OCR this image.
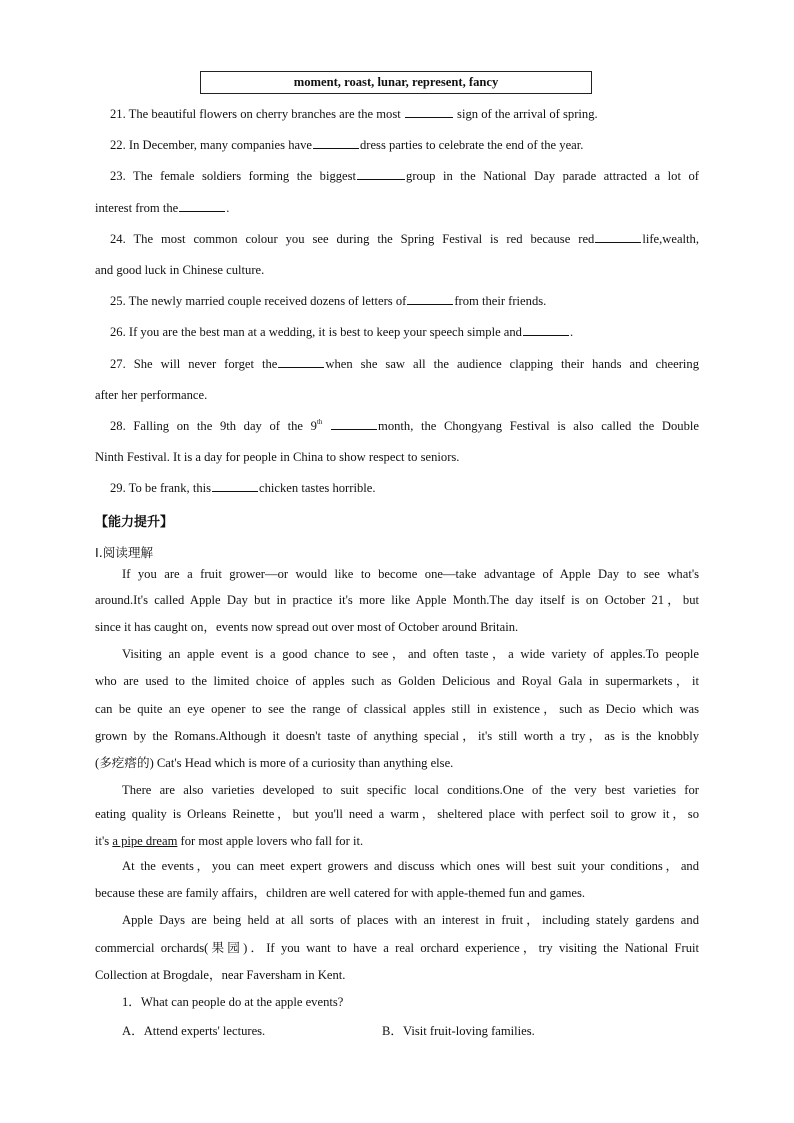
moment, roast, lunar, represent, fancy
21. The beautiful flowers on cherry branches are the most	sign of the arrival of spring.
22. In December, many companies have	dress parties to celebrate the end of the year.
23. The female soldiers forming the biggest	group in the National Day parade attracted a lot of
interest from the	.
24. The most common colour you see during the Spring Festival is red because red	life,wealth,
and good luck in Chinese culture.
25. The newly married couple received dozens of letters of	from their friends.
26. If you are the best man at a wedding, it is best to keep your speech simple and	.
27. She will never forget the	when she saw all the audience clapping their hands and cheering
after her performance.
28. Falling on the 9th day of the 9th	month, the Chongyang Festival is also called the Double
Ninth Festival. It is a day for people in China to show respect to seniors.
29. To be frank, this	chicken tastes horrible.
【能力提升】
Ⅰ.阅读理解
If you are a fruit grower—or would like to become one—take advantage of Apple Day to see what's
around.It's called Apple Day but in practice it's more like Apple Month.The day itself is on October 21，but
since it has caught on，events now spread out over most of October around Britain.
Visiting an apple event is a good chance to see，and often taste，a wide variety of apples.To people
who are used to the limited choice of apples such as Golden Delicious and Royal Gala in supermarkets，it
can be quite an eye opener to see the range of classical apples still in existence，such as Decio which was
grown by the Romans.Although it doesn't taste of anything special，it's still worth a try，as is the knobbly
(多疙瘩的) Cat's Head which is more of a curiosity than anything else.
There are also varieties developed to suit specific local conditions.One of the very best varieties for
eating quality is Orleans Reinette，but you'll need a warm，sheltered place with perfect soil to grow it，so
it's a pipe dream for most apple lovers who fall for it.
At the events，you can meet expert growers and discuss which ones will best suit your conditions，and
because these are family affairs，children are well catered for with apple-themed fun and games.
Apple Days are being held at all sorts of places with an interest in fruit，including stately gardens and
commercial orchards(果园)．If you want to have a real orchard experience，try visiting the National Fruit
Collection at Brogdale，near Faversham in Kent.
1．What can people do at the apple events?
A．Attend experts' lectures.	B．Visit fruit-loving families.
